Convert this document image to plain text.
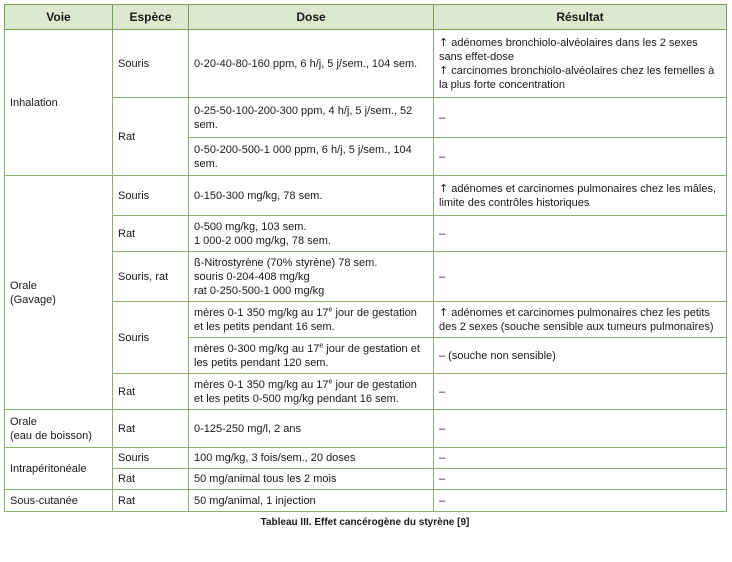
Voie	Espèce	Dose	Résultat
Inhalation	Souris	0-20-40-80-160 ppm, 6 h/j, 5 j/sem., 104 sem.	↑ adénomes bronchiolo-alvéolaires dans les 2 sexes sans effet-dose
↑ carcinomes bronchiolo-alvéolaires chez les femelles à la plus forte concentration

	Rat	0-25-50-100-200-300 ppm, 4 h/j, 5 j/sem., 52 sem.	–
		0-50-200-500-1 000 ppm, 6 h/j, 5 j/sem., 104 sem.	–

Orale
(Gavage)	Souris	0-150-300 mg/kg, 78 sem.	↑ adénomes et carcinomes pulmonaires chez les mâles, limite des contrôles historiques
	Rat	0-500 mg/kg, 103 sem.
1 000-2 000 mg/kg, 78 sem.	–
	Souris, rat	ß-Nitrostyrène (70% styrène) 78 sem.
souris 0-204-408 mg/kg
rat 0-250-500-1 000 mg/kg	–
	Souris	mères 0-1 350 mg/kg au 17e jour de gestation et les petits pendant 16 sem.	↑ adénomes et carcinomes pulmonaires chez les petits des 2 sexes (souche sensible aux tumeurs pulmonaires)
		mères 0-300 mg/kg au 17e jour de gestation et les petits pendant 120 sem.	– (souche non sensible)
	Rat	mères 0-1 350 mg/kg au 17e jour de gestation et les petits 0-500 mg/kg pendant 16 sem.	–

Orale
(eau de boisson)	Rat	0-125-250 mg/l, 2 ans	–
Intrapéritonéale	Souris	100 mg/kg, 3 fois/sem., 20 doses	–
	Rat	50 mg/animal tous les 2 mois	–
Sous-cutanée	Rat	50 mg/animal, 1 injection	–
Tableau III. Effet cancérogène du styrène [9]
